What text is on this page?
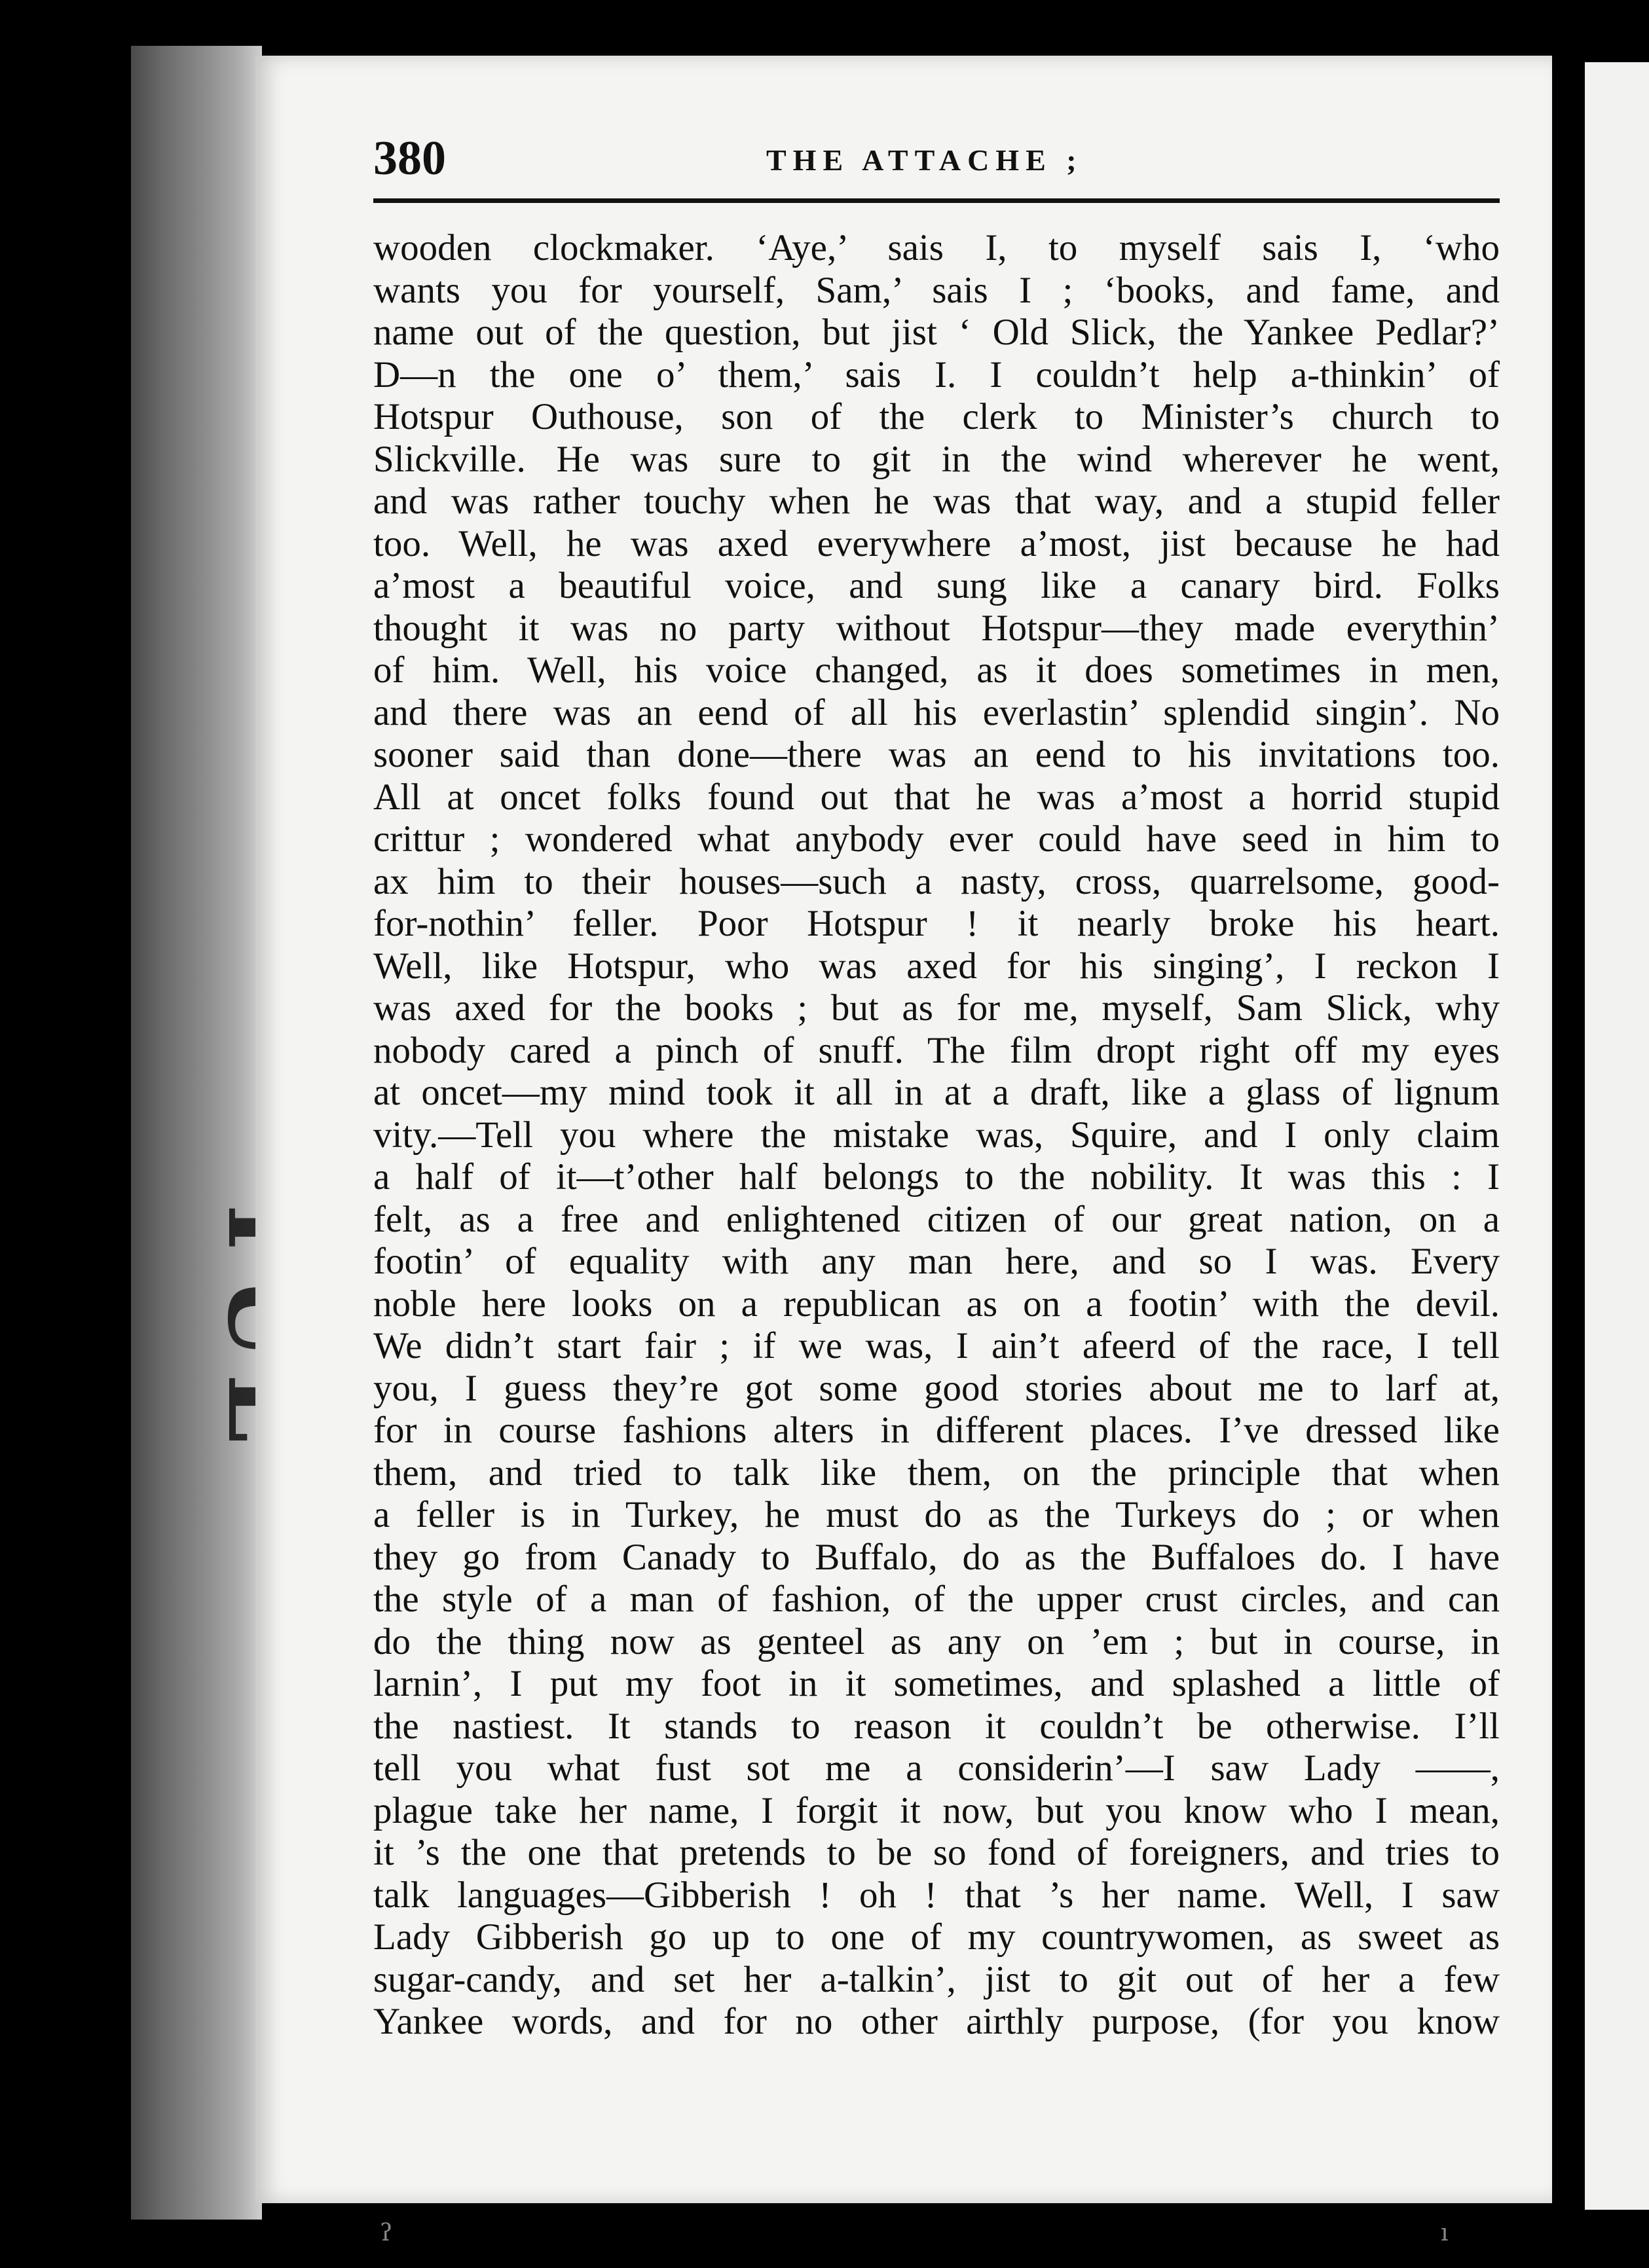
380	THE ATTACHE ;
wooden clockmaker. ‘Aye,’ sais I, to myself sais I, ‘who
wants you for yourself, Sam,’ sais I ; ‘books, and fame, and
name out of the question, but jist ‘ Old Slick, the Yankee Pedlar?’
D—n the one o’ them,’ sais I. I couldn’t help a-thinkin’ of
Hotspur Outhouse, son of the clerk to Minister’s church to
Slickville. He was sure to git in the wind wherever he went,
and was rather touchy when he was that way, and a stupid feller
too. Well, he was axed everywhere a’most, jist because he had
a’most a beautiful voice, and sung like a canary bird. Folks
thought it was no party without Hotspur—they made everythin’
of him. Well, his voice changed, as it does sometimes in men,
and there was an eend of all his everlastin’ splendid singin’. No
sooner said than done—there was an eend to his invitations too.
All at oncet folks found out that he was a’most a horrid stupid
crittur ; wondered what anybody ever could have seed in him to
ax him to their houses—such a nasty, cross, quarrelsome, good-
for-nothin’ feller. Poor Hotspur ! it nearly broke his heart.
Well, like Hotspur, who was axed for his singing’, I reckon I
was axed for the books ; but as for me, myself, Sam Slick, why
nobody cared a pinch of snuff. The film dropt right off my eyes
at oncet—my mind took it all in at a draft, like a glass of lignum
vity.—Tell you where the mistake was, Squire, and I only claim
a half of it—t’other half belongs to the nobility. It was this : I
felt, as a free and enlightened citizen of our great nation, on a
footin’ of equality with any man here, and so I was. Every
noble here looks on a republican as on a footin’ with the devil.
We didn’t start fair ; if we was, I ain’t afeerd of the race, I tell
you, I guess they’re got some good stories about me to larf at,
for in course fashions alters in different places. I’ve dressed like
them, and tried to talk like them, on the principle that when
a feller is in Turkey, he must do as the Turkeys do ; or when
they go from Canady to Buffalo, do as the Buffaloes do. I have
the style of a man of fashion, of the upper crust circles, and can
do the thing now as genteel as any on ’em ; but in course, in
larnin’, I put my foot in it sometimes, and splashed a little of
the nastiest. It stands to reason it couldn’t be otherwise. I’ll
tell you what fust sot me a considerin’—I saw Lady ——,
plague take her name, I forgit it now, but you know who I mean,
it ’s the one that pretends to be so fond of foreigners, and tries to
talk languages—Gibberish ! oh ! that ’s her name. Well, I saw
Lady Gibberish go up to one of my countrywomen, as sweet as
sugar-candy, and set her a-talkin’, jist to git out of her a few
Yankee words, and for no other airthly purpose, (for you know
ʔ	ı
